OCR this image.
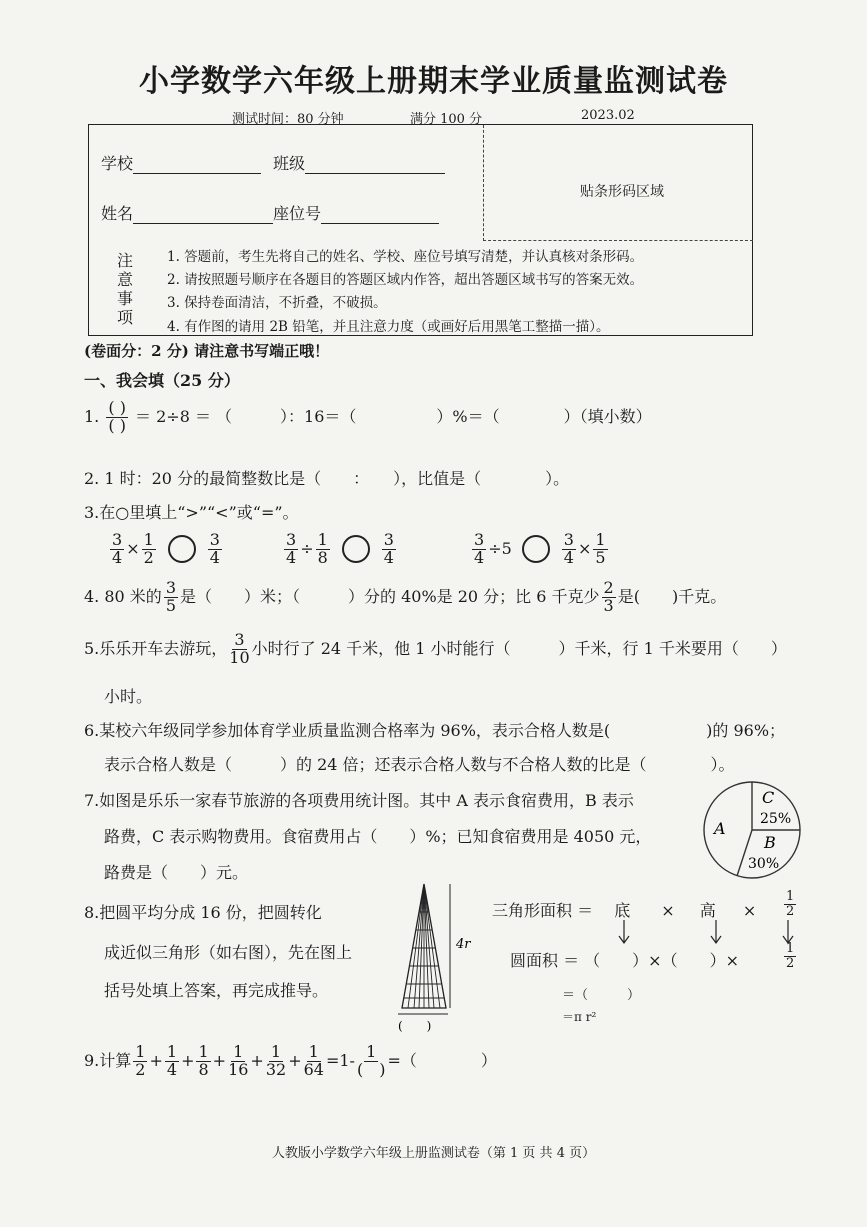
小学数学六年级上册期末学业质量监测试卷
测试时间：80 分钟	满分 100 分	2023.02
学校	班级
姓名	座位号
贴条形码区域
注
意
事
项
1. 答题前，考生先将自己的姓名、学校、座位号填写清楚，并认真核对条形码。
2. 请按照题号顺序在各题目的答题区域内作答，超出答题区域书写的答案无效。
3. 保持卷面清洁，不折叠，不破损。
4. 有作图的请用 2B 铅笔，并且注意力度（或画好后用黑笔工整描一描）。
(卷面分：2 分) 请注意书写端正哦！
一、我会填（25 分）
1. $\frac{( )}{( )} = 2\div 8$ ＝ （　　　）：16＝（　　　　　）%＝（　　　　）（填小数）
2. 1 时：20 分的最简整数比是（　　：　　），比值是（　　　　）。
3.在○里填上“>”“<”或“=”。
$\frac{3}{4} \times \frac{1}{2}$	$\frac{3}{4}$	$\frac{3}{4} \div \frac{1}{8}$	$\frac{3}{4}$	$\frac{3}{4} \div 5$	$\frac{3}{4} \times \frac{1}{5}$
4. 80 米的 $\frac{3}{5}$ 是（　　）米；（　　　）分的 40%是 20 分；比 6 千克少 $\frac{2}{3}$ 是(　　)千克。
5.乐乐开车去游玩， $\frac{3}{10}$ 小时行了 24 千米，他 1 小时能行（　　　）千米，行 1 千米要用（　　）
小时。
6.某校六年级同学参加体育学业质量监测合格率为 96%，表示合格人数是(　　　　　　)的 96%；
表示合格人数是（　　　）的 24 倍；还表示合格人数与不合格人数的比是（　　　　）。
7.如图是乐乐一家春节旅游的各项费用统计图。其中 A 表示食宿费用，B 表示
路费，C 表示购物费用。食宿费用占（　　）%；已知食宿费用是 4050 元，
路费是（　　）元。
C
25%
A
B
30%
8.把圆平均分成 16 份，把圆转化
成近似三角形（如右图），先在图上
括号处填上答案，再完成推导。
4r
(　　)
三角形面积 ＝ 底 × 高 × $\frac{1}{2}$
圆面积 ＝ （　　）×（　　）×	$\frac{1}{2}$
＝（　　　）
＝π r²
9.计算 $\frac{1}{2} + \frac{1}{4} + \frac{1}{8} + \frac{1}{16} + \frac{1}{32} + \frac{1}{64} =1- \frac{1}{( )}$ =（　　　　）
人教版小学数学六年级上册监测试卷（第 1 页 共 4 页）
